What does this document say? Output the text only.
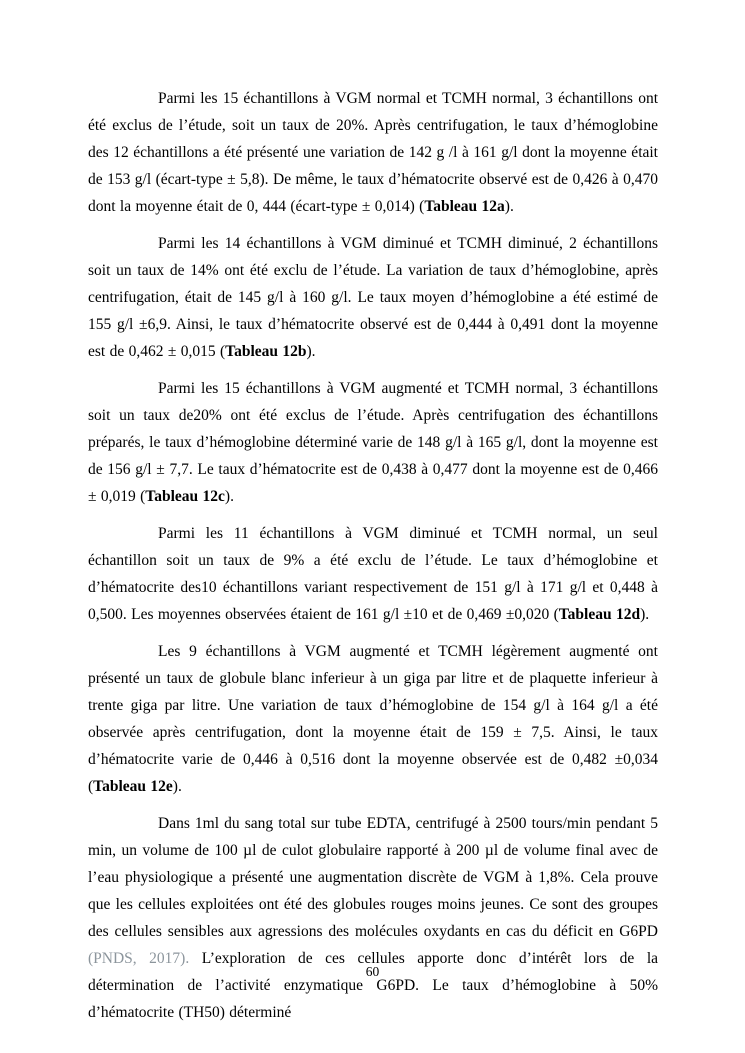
Parmi les 15 échantillons à VGM normal et TCMH normal, 3 échantillons ont été exclus de l’étude, soit un taux de 20%. Après centrifugation, le taux d’hémoglobine des 12 échantillons a été présenté une variation de 142 g /l à 161 g/l dont la moyenne était de 153 g/l (écart-type ± 5,8). De même, le taux d’hématocrite observé est de 0,426 à 0,470 dont la moyenne était de 0, 444 (écart-type ± 0,014) (Tableau 12a).

Parmi les 14 échantillons à VGM diminué et TCMH diminué, 2 échantillons soit un taux de 14% ont été exclu de l’étude. La variation de taux d’hémoglobine, après centrifugation, était de 145 g/l à 160 g/l. Le taux moyen d’hémoglobine a été estimé de 155 g/l ±6,9. Ainsi, le taux d’hématocrite observé est de 0,444 à 0,491 dont la moyenne est de 0,462 ± 0,015 (Tableau 12b).

Parmi les 15 échantillons à VGM augmenté et TCMH normal, 3 échantillons soit un taux de20% ont été exclus de l’étude. Après centrifugation des échantillons préparés, le taux d’hémoglobine déterminé varie de 148 g/l à 165 g/l, dont la moyenne est de 156 g/l ± 7,7. Le taux d’hématocrite est de 0,438 à 0,477 dont la moyenne est de 0,466 ± 0,019 (Tableau 12c).

Parmi les 11 échantillons à VGM diminué et TCMH normal, un seul échantillon soit un taux de 9% a été exclu de l’étude. Le taux d’hémoglobine et d’hématocrite des10 échantillons variant respectivement de 151 g/l à 171 g/l et 0,448 à 0,500. Les moyennes observées étaient de 161 g/l ±10 et de 0,469 ±0,020 (Tableau 12d).

Les 9 échantillons à VGM augmenté et TCMH légèrement augmenté ont présenté un taux de globule blanc inferieur à un giga par litre et de plaquette inferieur à trente giga par litre. Une variation de taux d’hémoglobine de 154 g/l à 164 g/l a été observée après centrifugation, dont la moyenne était de 159 ± 7,5. Ainsi, le taux d’hématocrite varie de 0,446 à 0,516 dont la moyenne observée est de 0,482 ±0,034 (Tableau 12e).

Dans 1ml du sang total sur tube EDTA, centrifugé à 2500 tours/min pendant 5 min, un volume de 100 µl de culot globulaire rapporté à 200 µl de volume final avec de l’eau physiologique a présenté une augmentation discrète de VGM à 1,8%. Cela prouve que les cellules exploitées ont été des globules rouges moins jeunes. Ce sont des groupes des cellules sensibles aux agressions des molécules oxydants en cas du déficit en G6PD (PNDS, 2017). L’exploration de ces cellules apporte donc d’intérêt lors de la détermination de l’activité enzymatique G6PD. Le taux d’hémoglobine à 50% d’hématocrite (TH50) déterminé

60
